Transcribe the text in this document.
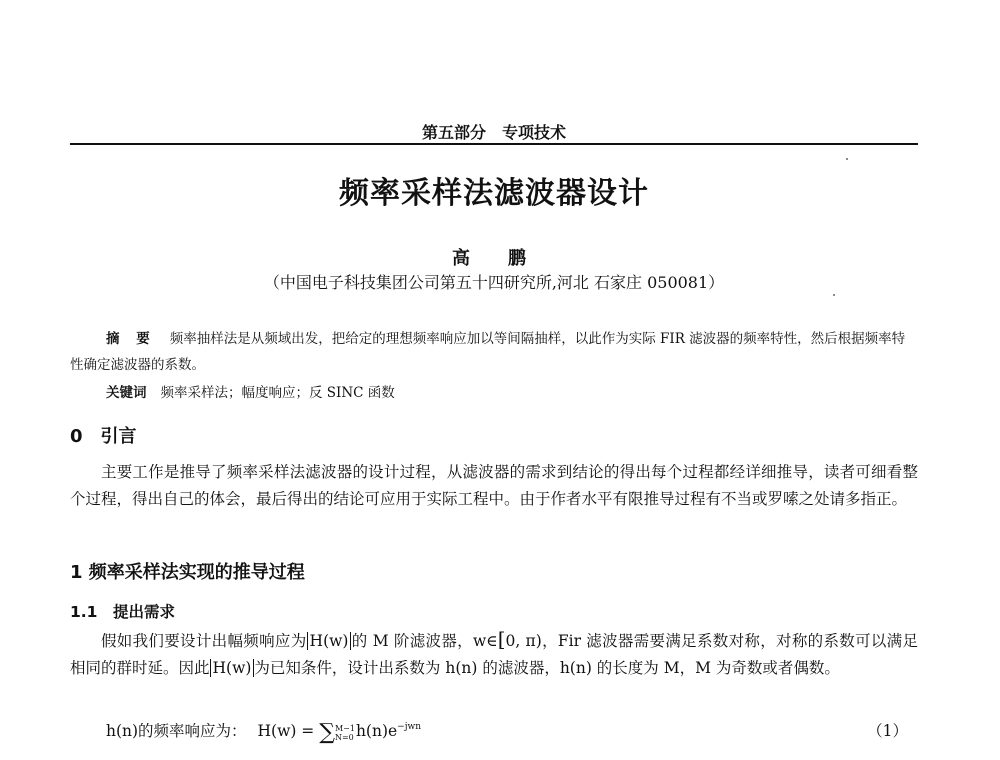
第五部分　专项技术
频率采样法滤波器设计
高　鹏
（中国电子科技集团公司第五十四研究所,河北 石家庄 050081）
摘 要 频率抽样法是从频域出发，把给定的理想频率响应加以等间隔抽样，以此作为实际 FIR 滤波器的频率特性，然后根据频率特性确定滤波器的系数。
关键词 频率采样法；幅度响应；反 SINC 函数
0　引言

主要工作是推导了频率采样法滤波器的设计过程，从滤波器的需求到结论的得出每个过程都经详细推导，读者可细看整个过程，得出自己的体会，最后得出的结论可应用于实际工程中。由于作者水平有限推导过程有不当或罗嗦之处请多指正。

1 频率采样法实现的推导过程
1.1　提出需求

假如我们要设计出幅频响应为 H(w) 的 M 阶滤波器，w∈[0, π)，Fir 滤波器需要满足系数对称，对称的系数可以满足相同的群时延。因此 H(w) 为已知条件，设计出系数为 h(n) 的滤波器，h(n) 的长度为 M，M 为奇数或者偶数。

h(n)的频率响应为： H(w) = ∑M−1
N=0 $h(n)e^{-jwn}$	（1）
